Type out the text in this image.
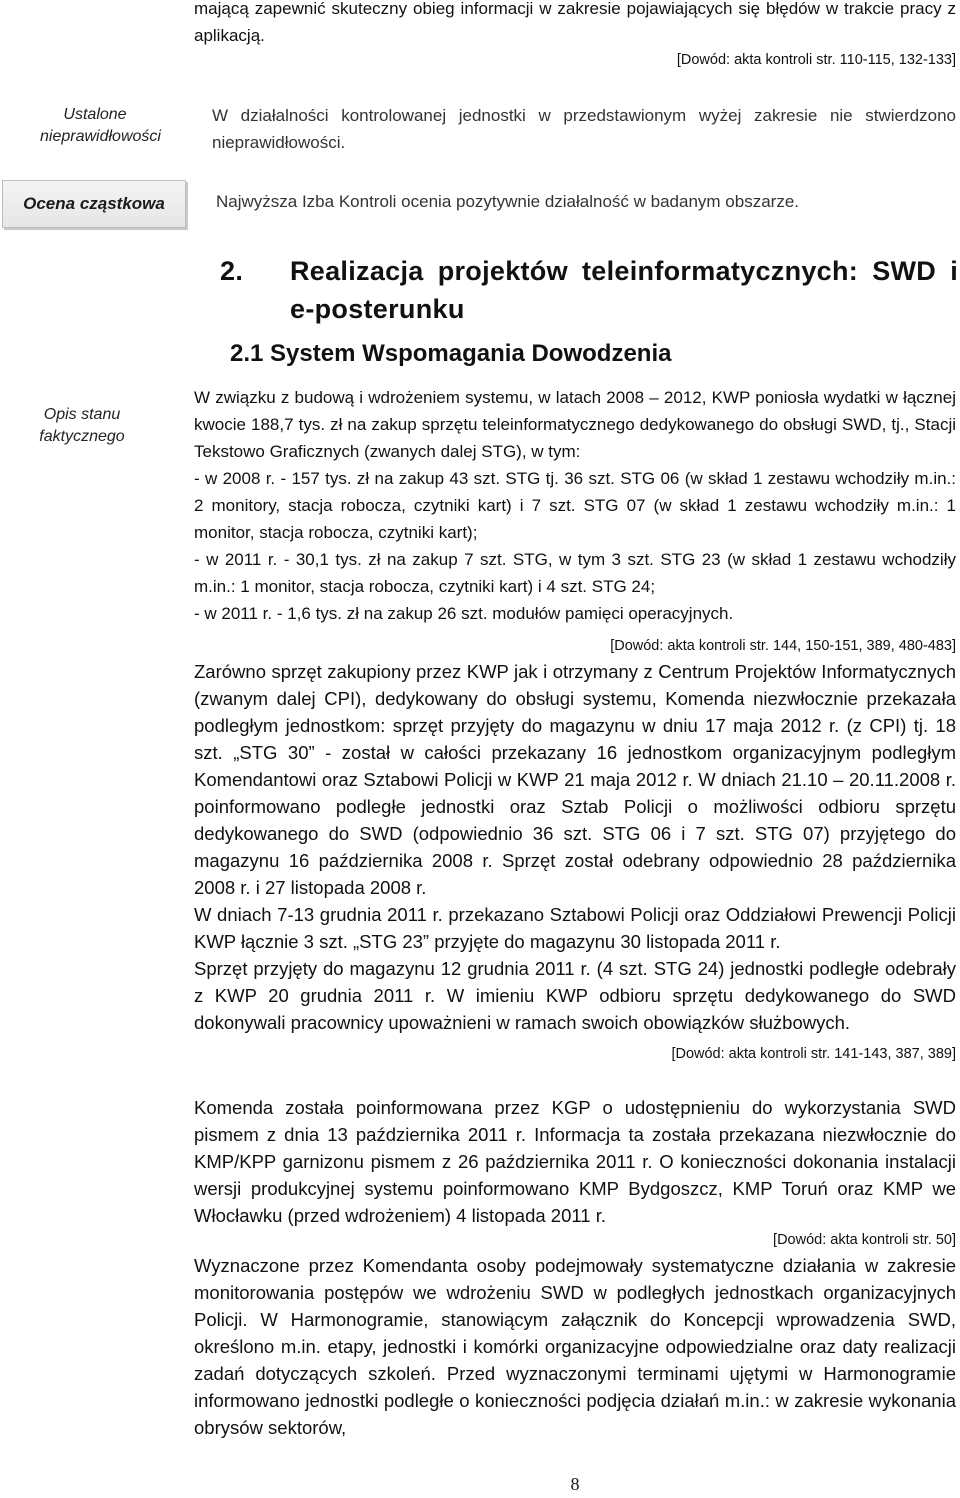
mającą zapewnić skuteczny obieg informacji w zakresie pojawiających się błędów w trakcie pracy z aplikacją.

[Dowód: akta kontroli str. 110-115, 132-133]

Ustalone nieprawidłowości

W działalności kontrolowanej jednostki w przedstawionym wyżej zakresie nie stwierdzono nieprawidłowości.

Ocena cząstkowa	Najwyższa Izba Kontroli ocenia pozytywnie działalność w badanym obszarze.

Opis stanu faktycznego
2.	Realizacja projektów teleinformatycznych: SWD i e-posterunku
2.1 System Wspomagania Dowodzenia

W związku z budową i wdrożeniem systemu, w latach 2008 – 2012, KWP poniosła wydatki w łącznej kwocie 188,7 tys. zł na zakup sprzętu teleinformatycznego dedykowanego do obsługi SWD, tj., Stacji Tekstowo Graficznych (zwanych dalej STG), w tym:

- w 2008 r. - 157 tys. zł na zakup 43 szt. STG tj. 36 szt. STG 06 (w skład 1 zestawu wchodziły m.in.: 2 monitory, stacja robocza, czytniki kart) i 7 szt. STG 07 (w skład 1 zestawu wchodziły m.in.: 1 monitor, stacja robocza, czytniki kart);

- w 2011 r. - 30,1 tys. zł na zakup 7 szt. STG, w tym 3 szt. STG 23 (w skład 1 zestawu wchodziły m.in.: 1 monitor, stacja robocza, czytniki kart) i 4 szt. STG 24;

- w 2011 r. - 1,6 tys. zł na zakup 26 szt. modułów pamięci operacyjnych.

[Dowód: akta kontroli str. 144, 150-151, 389, 480-483]

Zarówno sprzęt zakupiony przez KWP jak i otrzymany z Centrum Projektów Informatycznych (zwanym dalej CPI), dedykowany do obsługi systemu, Komenda niezwłocznie przekazała podległym jednostkom: sprzęt przyjęty do magazynu w dniu 17 maja 2012 r. (z CPI) tj. 18 szt. „STG 30” - został w całości przekazany 16 jednostkom organizacyjnym podległym Komendantowi oraz Sztabowi Policji w KWP 21 maja 2012 r. W dniach 21.10 – 20.11.2008 r. poinformowano podległe jednostki oraz Sztab Policji o możliwości odbioru sprzętu dedykowanego do SWD (odpowiednio 36 szt. STG 06 i 7 szt. STG 07) przyjętego do magazynu 16 października 2008 r. Sprzęt został odebrany odpowiednio 28 października 2008 r. i 27 listopada 2008 r.

W dniach 7-13 grudnia 2011 r. przekazano Sztabowi Policji oraz Oddziałowi Prewencji Policji KWP łącznie 3 szt. „STG 23” przyjęte do magazynu 30 listopada 2011 r.

Sprzęt przyjęty do magazynu 12 grudnia 2011 r. (4 szt. STG 24) jednostki podległe odebrały z KWP 20 grudnia 2011 r. W imieniu KWP odbioru sprzętu dedykowanego do SWD dokonywali pracownicy upoważnieni w ramach swoich obowiązków służbowych.

[Dowód: akta kontroli str. 141-143, 387, 389]

Komenda została poinformowana przez KGP o udostępnieniu do wykorzystania SWD pismem z dnia 13 października 2011 r. Informacja ta została przekazana niezwłocznie do KMP/KPP garnizonu pismem z 26 października 2011 r. O konieczności dokonania instalacji wersji produkcyjnej systemu poinformowano KMP Bydgoszcz, KMP Toruń oraz KMP we Włocławku (przed wdrożeniem) 4 listopada 2011 r.

[Dowód: akta kontroli str. 50]

Wyznaczone przez Komendanta osoby podejmowały systematyczne działania w zakresie monitorowania postępów we wdrożeniu SWD w podległych jednostkach organizacyjnych Policji. W Harmonogramie, stanowiącym załącznik do Koncepcji wprowadzenia SWD, określono m.in. etapy, jednostki i komórki organizacyjne odpowiedzialne oraz daty realizacji zadań dotyczących szkoleń. Przed wyznaczonymi terminami ujętymi w Harmonogramie informowano jednostki podległe o konieczności podjęcia działań m.in.: w zakresie wykonania obrysów sektorów,

8
